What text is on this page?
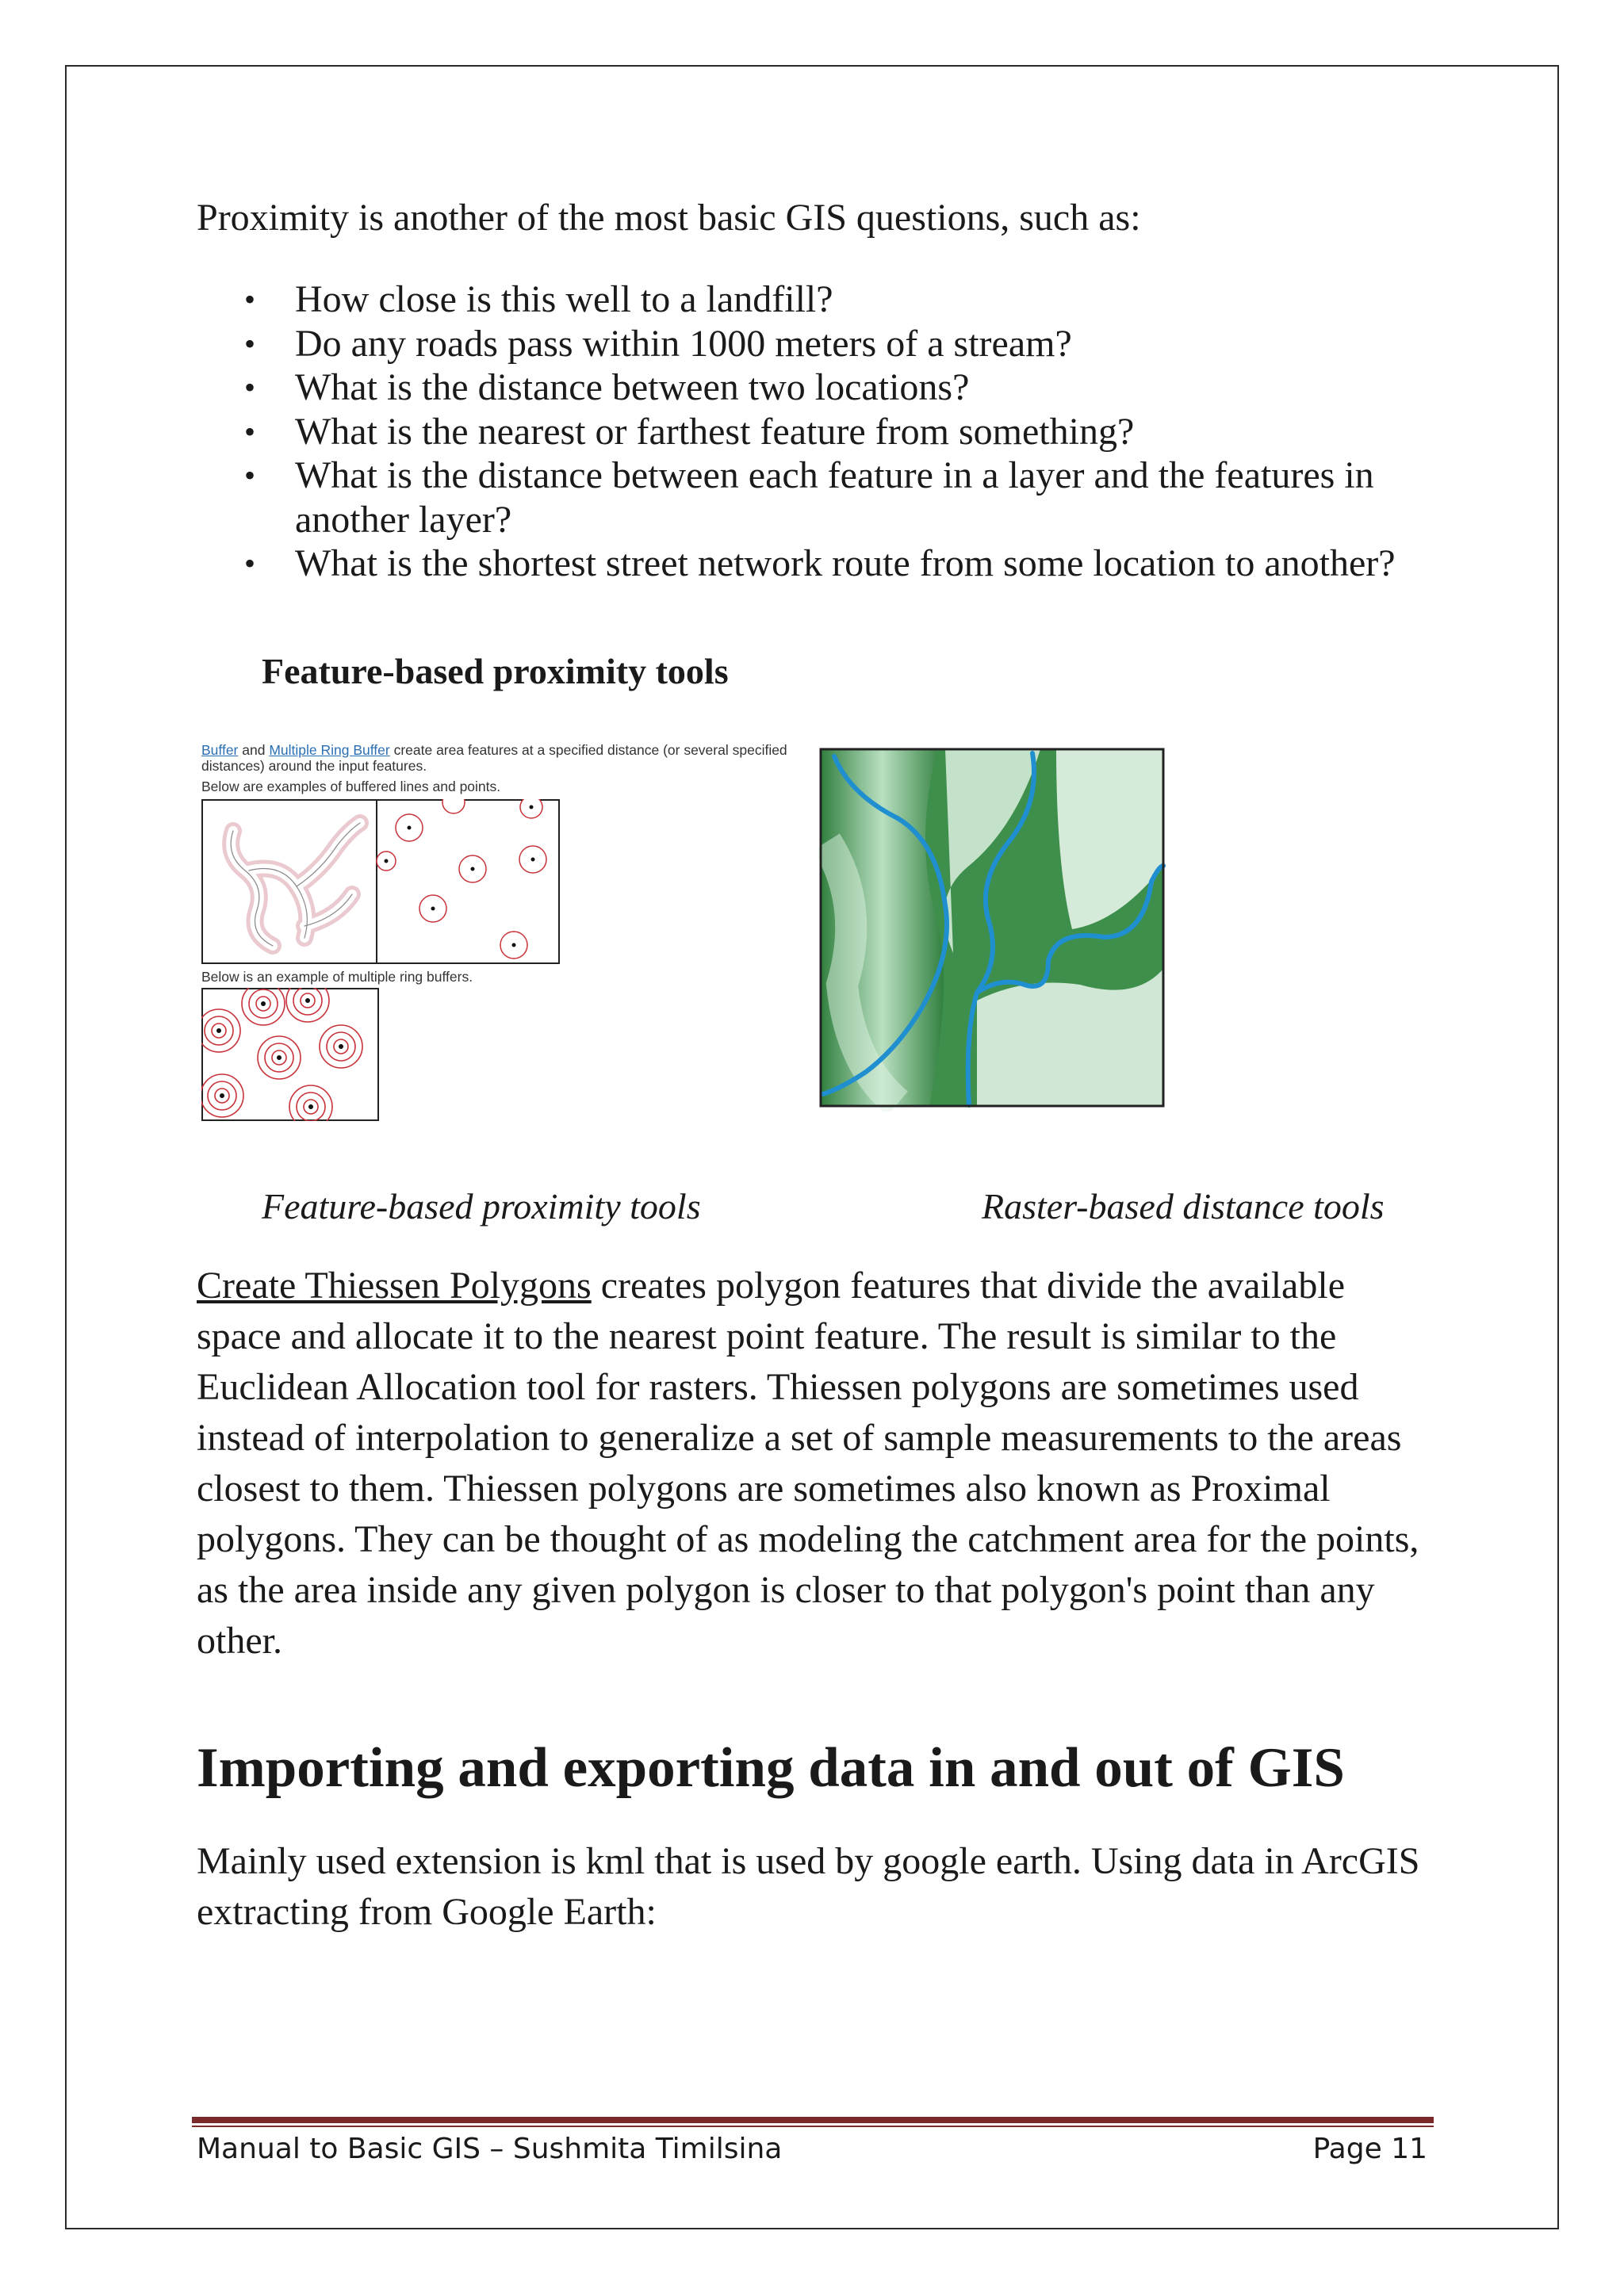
Proximity is another of the most basic GIS questions, such as:

• How close is this well to a landfill?
• Do any roads pass within 1000 meters of a stream?
• What is the distance between two locations?
• What is the nearest or farthest feature from something?
• What is the distance between each feature in a layer and the features in another layer?
• What is the shortest street network route from some location to another?

Feature-based proximity tools

Buffer and Multiple Ring Buffer create area features at a specified distance (or several specified
distances) around the input features.
Below are examples of buffered lines and points.
Below is an example of multiple ring buffers.

Feature-based proximity tools	Raster-based distance tools

Create Thiessen Polygons creates polygon features that divide the available space and allocate it to the nearest point feature. The result is similar to the Euclidean Allocation tool for rasters. Thiessen polygons are sometimes used instead of interpolation to generalize a set of sample measurements to the areas closest to them. Thiessen polygons are sometimes also known as Proximal polygons. They can be thought of as modeling the catchment area for the points, as the area inside any given polygon is closer to that polygon's point than any other.

Importing and exporting data in and out of GIS

Mainly used extension is kml that is used by google earth. Using data in ArcGIS extracting from Google Earth:

Manual to Basic GIS – Sushmita Timilsina	Page 11
